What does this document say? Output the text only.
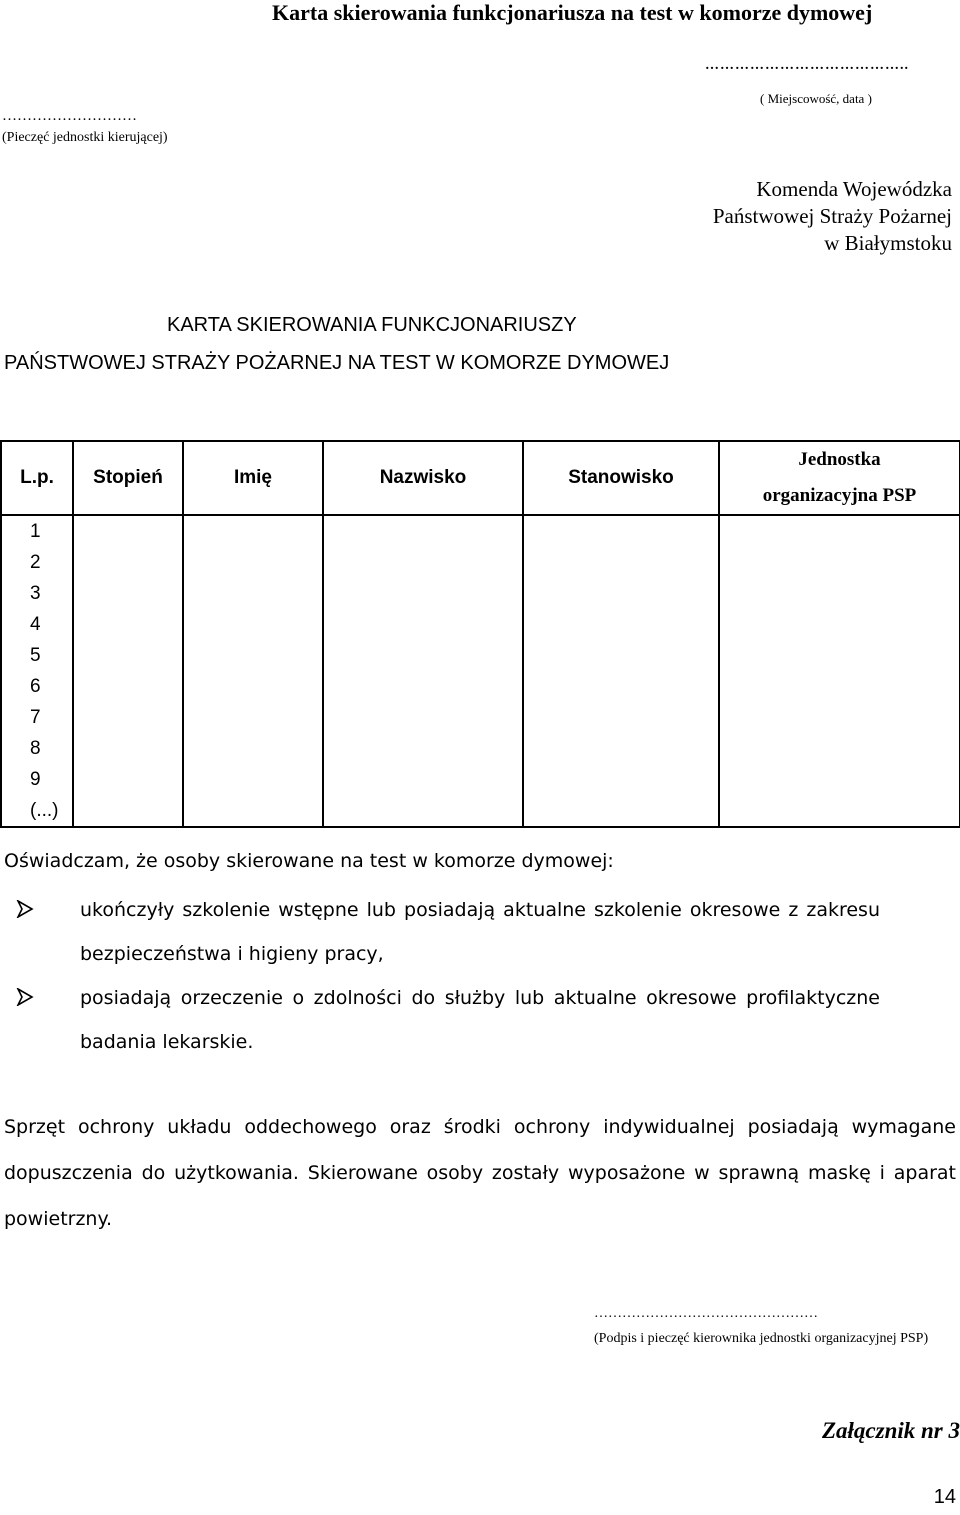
Karta skierowania funkcjonariusza na test w komorze dymowej
…………………………………..
( Miejscowość, data )
………………………
(Pieczęć jednostki kierującej)
Komenda Wojewódzka
Państwowej Straży Pożarnej
w Białymstoku
KARTA SKIEROWANIA FUNKCJONARIUSZY
PAŃSTWOWEJ STRAŻY POŻARNEJ NA TEST W KOMORZE DYMOWEJ
L.p.	Stopień	Imię	Nazwisko	Stanowisko	Jednostka
organizacyjna PSP

1					
2					
3					
4					
5					
6					
7					
8					
9					
(...)					
Oświadczam, że osoby skierowane na test w komorze dymowej:
ukończyły szkolenie wstępne lub posiadają aktualne szkolenie okresowe z zakresu bezpieczeństwa i higieny pracy,
posiadają orzeczenie o zdolności do służby lub aktualne okresowe profilaktyczne badania lekarskie.
Sprzęt ochrony układu oddechowego oraz środki ochrony indywidualnej posiadają wymagane dopuszczenia do użytkowania. Skierowane osoby zostały wyposażone w sprawną maskę i aparat powietrzny.
…………………………………………
(Podpis i pieczęć kierownika jednostki organizacyjnej PSP)
Załącznik nr 3
14
